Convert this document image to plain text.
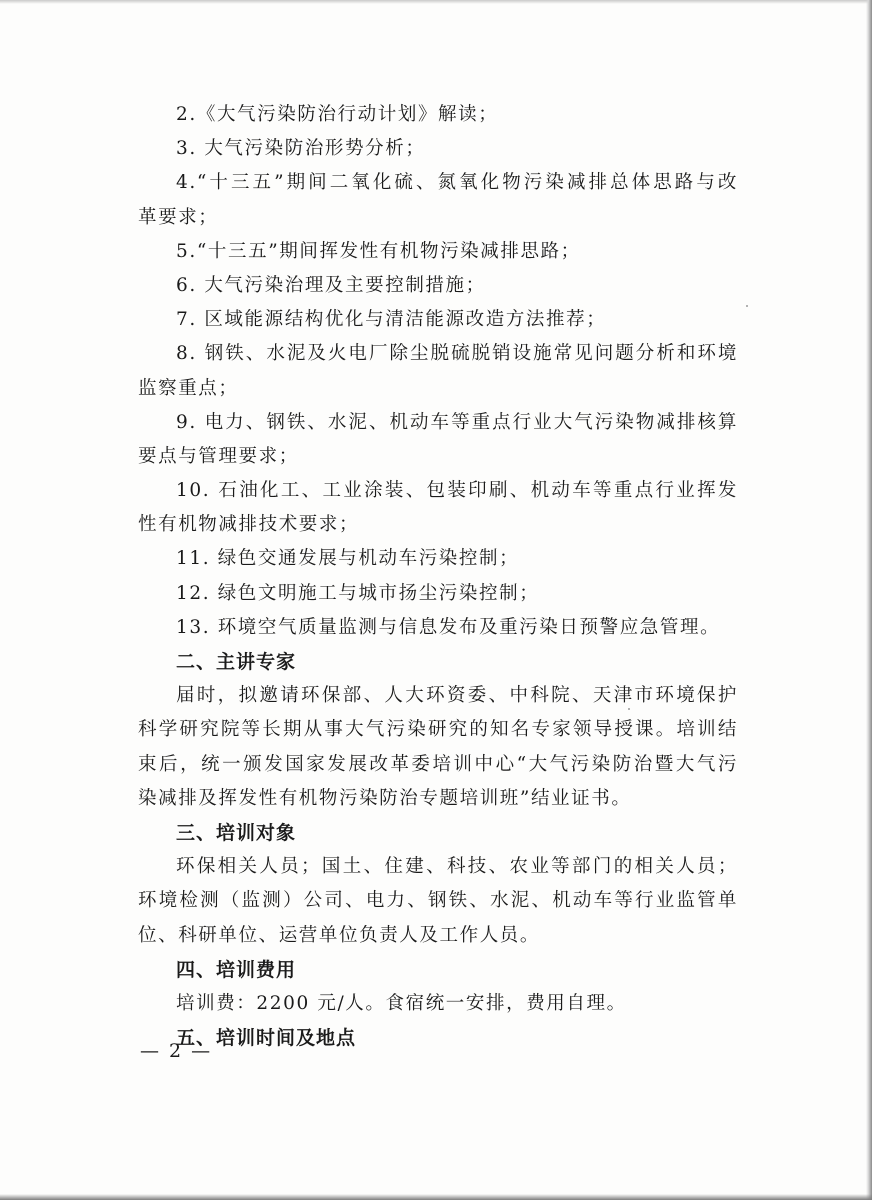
2.《大气污染防治行动计划》解读；
3. 大气污染防治形势分析；
4.“十三五”期间二氧化硫、氮氧化物污染减排总体思路与改
革要求；
5.“十三五”期间挥发性有机物污染减排思路；
6. 大气污染治理及主要控制措施；
7. 区域能源结构优化与清洁能源改造方法推荐；
8. 钢铁、水泥及火电厂除尘脱硫脱销设施常见问题分析和环境
监察重点；
9. 电力、钢铁、水泥、机动车等重点行业大气污染物减排核算
要点与管理要求；
10. 石油化工、工业涂装、包装印刷、机动车等重点行业挥发
性有机物减排技术要求；
11. 绿色交通发展与机动车污染控制；
12. 绿色文明施工与城市扬尘污染控制；
13. 环境空气质量监测与信息发布及重污染日预警应急管理。
二、主讲专家
届时，拟邀请环保部、人大环资委、中科院、天津市环境保护
科学研究院等长期从事大气污染研究的知名专家领导授课。培训结
束后，统一颁发国家发展改革委培训中心“大气污染防治暨大气污
染减排及挥发性有机物污染防治专题培训班”结业证书。
三、培训对象
环保相关人员；国土、住建、科技、农业等部门的相关人员；
环境检测（监测）公司、电力、钢铁、水泥、机动车等行业监管单
位、科研单位、运营单位负责人及工作人员。
四、培训费用
培训费：2200 元/人。食宿统一安排，费用自理。
五、培训时间及地点
— 2 —
